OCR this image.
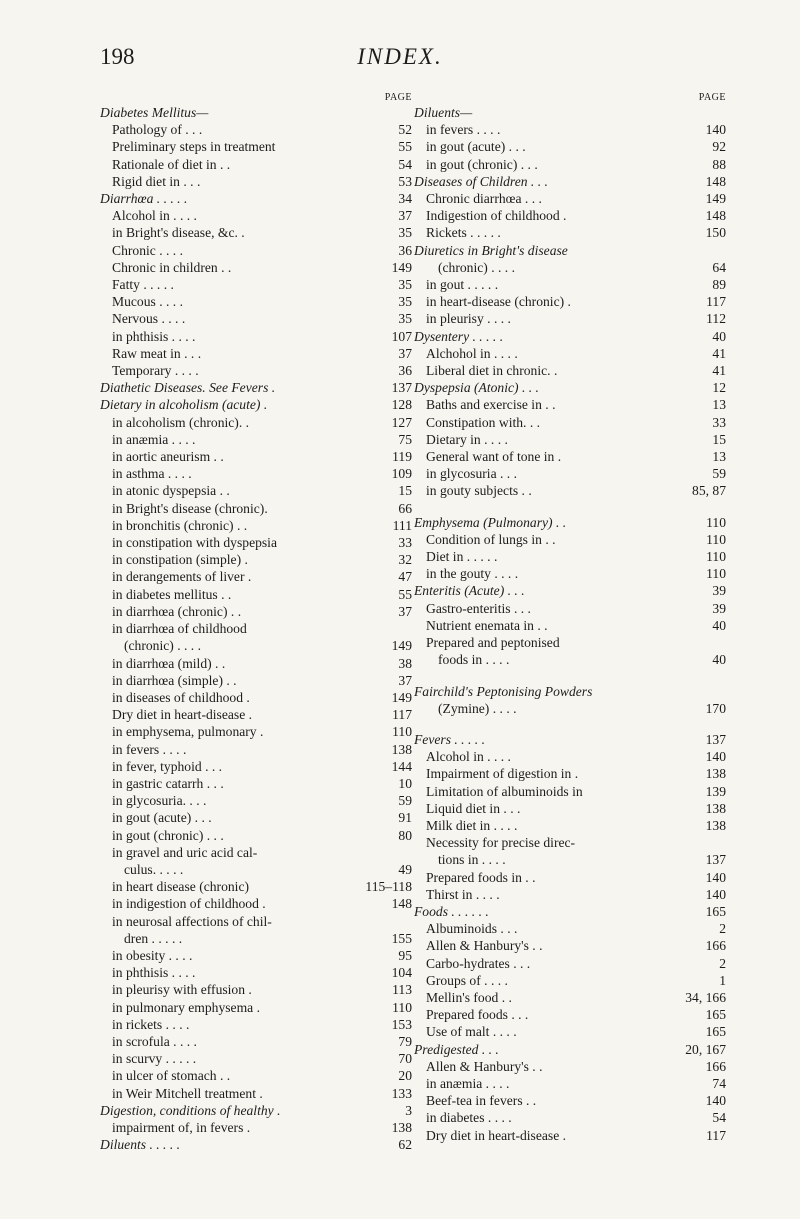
198	INDEX.
PAGE
Diabetes Mellitus—
Pathology of . . .	52
Preliminary steps in treatment	55
Rationale of diet in . .	54
Rigid diet in . . .	53
Diarrhœa . . . . .	34
Alcohol in . . . .	37
in Bright's disease, &c. .	35
Chronic . . . .	36
Chronic in children . .	149
Fatty . . . . .	35
Mucous . . . .	35
Nervous . . . .	35
in phthisis . . . .	107
Raw meat in . . .	37
Temporary . . . .	36
Diathetic Diseases. See Fevers .	137
Dietary in alcoholism (acute) .	128
in alcoholism (chronic). .	127
in anæmia . . . .	75
in aortic aneurism . .	119
in asthma . . . .	109
in atonic dyspepsia . .	15
in Bright's disease (chronic).	66
in bronchitis (chronic) . .	111
in constipation with dyspepsia	33
in constipation (simple) .	32
in derangements of liver .	47
in diabetes mellitus . .	55
in diarrhœa (chronic) . .	37
in diarrhœa of childhood
(chronic) . . . .	149
in diarrhœa (mild) . .	38
in diarrhœa (simple) . .	37
in diseases of childhood .	149
Dry diet in heart-disease .	117
in emphysema, pulmonary .	110
in fevers . . . .	138
in fever, typhoid . . .	144
in gastric catarrh . . .	10
in glycosuria. . . .	59
in gout (acute) . . .	91
in gout (chronic) . . .	80
in gravel and uric acid cal-
culus. . . . .	49
in heart disease (chronic)	115–118
in indigestion of childhood .	148
in neurosal affections of chil-
dren . . . . .	155
in obesity . . . .	95
in phthisis . . . .	104
in pleurisy with effusion .	113
in pulmonary emphysema .	110
in rickets . . . .	153
in scrofula . . . .	79
in scurvy . . . . .	70
in ulcer of stomach . .	20
in Weir Mitchell treatment .	133
Digestion, conditions of healthy .	3
impairment of, in fevers .	138
Diluents . . . . .	62
PAGE
Diluents—
in fevers . . . .	140
in gout (acute) . . .	92
in gout (chronic) . . .	88
Diseases of Children . . .	148
Chronic diarrhœa . . .	149
Indigestion of childhood .	148
Rickets . . . . .	150
Diuretics in Bright's disease
(chronic) . . . .	64
in gout . . . . .	89
in heart-disease (chronic) .	117
in pleurisy . . . .	112
Dysentery . . . . .	40
Alchohol in . . . .	41
Liberal diet in chronic. .	41
Dyspepsia (Atonic) . . .	12
Baths and exercise in . .	13
Constipation with. . .	33
Dietary in . . . .	15
General want of tone in .	13
in glycosuria . . .	59
in gouty subjects . .	85, 87
Emphysema (Pulmonary) . .	110
Condition of lungs in . .	110
Diet in . . . . .	110
in the gouty . . . .	110
Enteritis (Acute) . . .	39
Gastro-enteritis . . .	39
Nutrient enemata in . .	40
Prepared and peptonised
foods in . . . .	40
Fairchild's Peptonising Powders
(Zymine) . . . .	170
Fevers . . . . .	137
Alcohol in . . . .	140
Impairment of digestion in .	138
Limitation of albuminoids in	139
Liquid diet in . . .	138
Milk diet in . . . .	138
Necessity for precise direc-
tions in . . . .	137
Prepared foods in . .	140
Thirst in . . . .	140
Foods . . . . . .	165
Albuminoids . . .	2
Allen & Hanbury's . .	166
Carbo-hydrates . . .	2
Groups of . . . .	1
Mellin's food . .	34, 166
Prepared foods . . .	165
Use of malt . . . .	165
Predigested . . .	20, 167
Allen & Hanbury's . .	166
in anæmia . . . .	74
Beef-tea in fevers . .	140
in diabetes . . . .	54
Dry diet in heart-disease .	117
